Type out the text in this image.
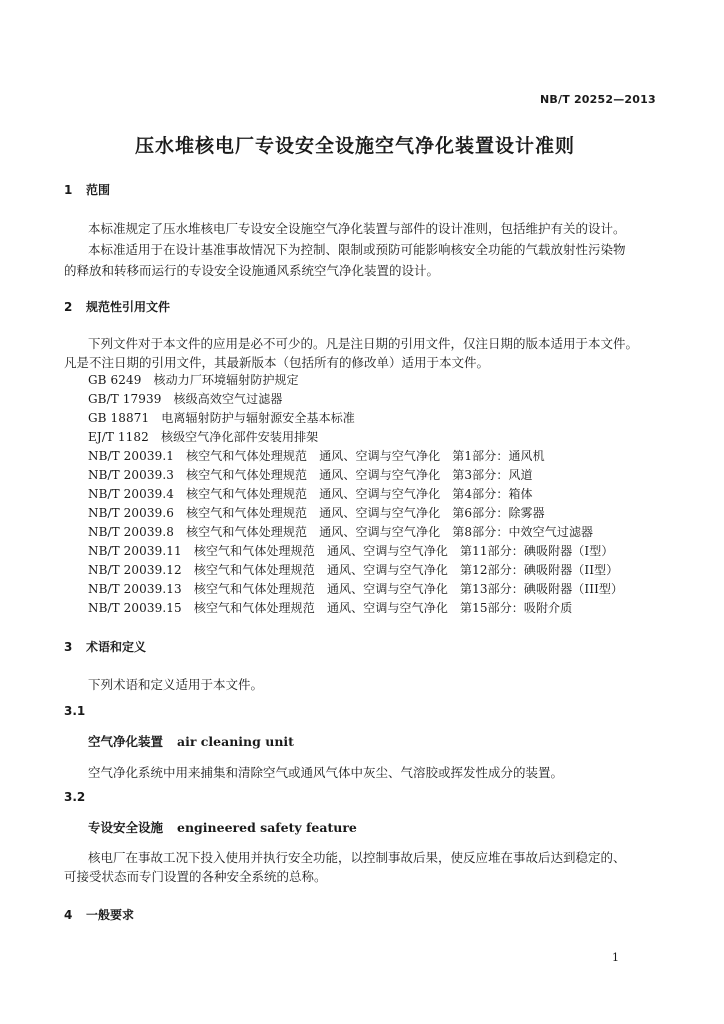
NB/T 20252—2013
压水堆核电厂专设安全设施空气净化装置设计准则
1 范围
本标准规定了压水堆核电厂专设安全设施空气净化装置与部件的设计准则，包括维护有关的设计。
本标准适用于在设计基准事故情况下为控制、限制或预防可能影响核安全功能的气载放射性污染物
的释放和转移而运行的专设安全设施通风系统空气净化装置的设计。
2 规范性引用文件
下列文件对于本文件的应用是必不可少的。凡是注日期的引用文件，仅注日期的版本适用于本文件。
凡是不注日期的引用文件，其最新版本（包括所有的修改单）适用于本文件。
GB 6249　核动力厂环境辐射防护规定
GB/T 17939　核级高效空气过滤器
GB 18871　电离辐射防护与辐射源安全基本标准
EJ/T 1182　核级空气净化部件安装用排架
NB/T 20039.1　核空气和气体处理规范　通风、空调与空气净化　第1部分：通风机
NB/T 20039.3　核空气和气体处理规范　通风、空调与空气净化　第3部分：风道
NB/T 20039.4　核空气和气体处理规范　通风、空调与空气净化　第4部分：箱体
NB/T 20039.6　核空气和气体处理规范　通风、空调与空气净化　第6部分：除雾器
NB/T 20039.8　核空气和气体处理规范　通风、空调与空气净化　第8部分：中效空气过滤器
NB/T 20039.11　核空气和气体处理规范　通风、空调与空气净化　第11部分：碘吸附器（I型）
NB/T 20039.12　核空气和气体处理规范　通风、空调与空气净化　第12部分：碘吸附器（II型）
NB/T 20039.13　核空气和气体处理规范　通风、空调与空气净化　第13部分：碘吸附器（III型）
NB/T 20039.15　核空气和气体处理规范　通风、空调与空气净化　第15部分：吸附介质
3 术语和定义
下列术语和定义适用于本文件。
3.1
空气净化装置 air cleaning unit
空气净化系统中用来捕集和清除空气或通风气体中灰尘、气溶胶或挥发性成分的装置。
3.2
专设安全设施 engineered safety feature
核电厂在事故工况下投入使用并执行安全功能，以控制事故后果，使反应堆在事故后达到稳定的、
可接受状态而专门设置的各种安全系统的总称。
4 一般要求
1
